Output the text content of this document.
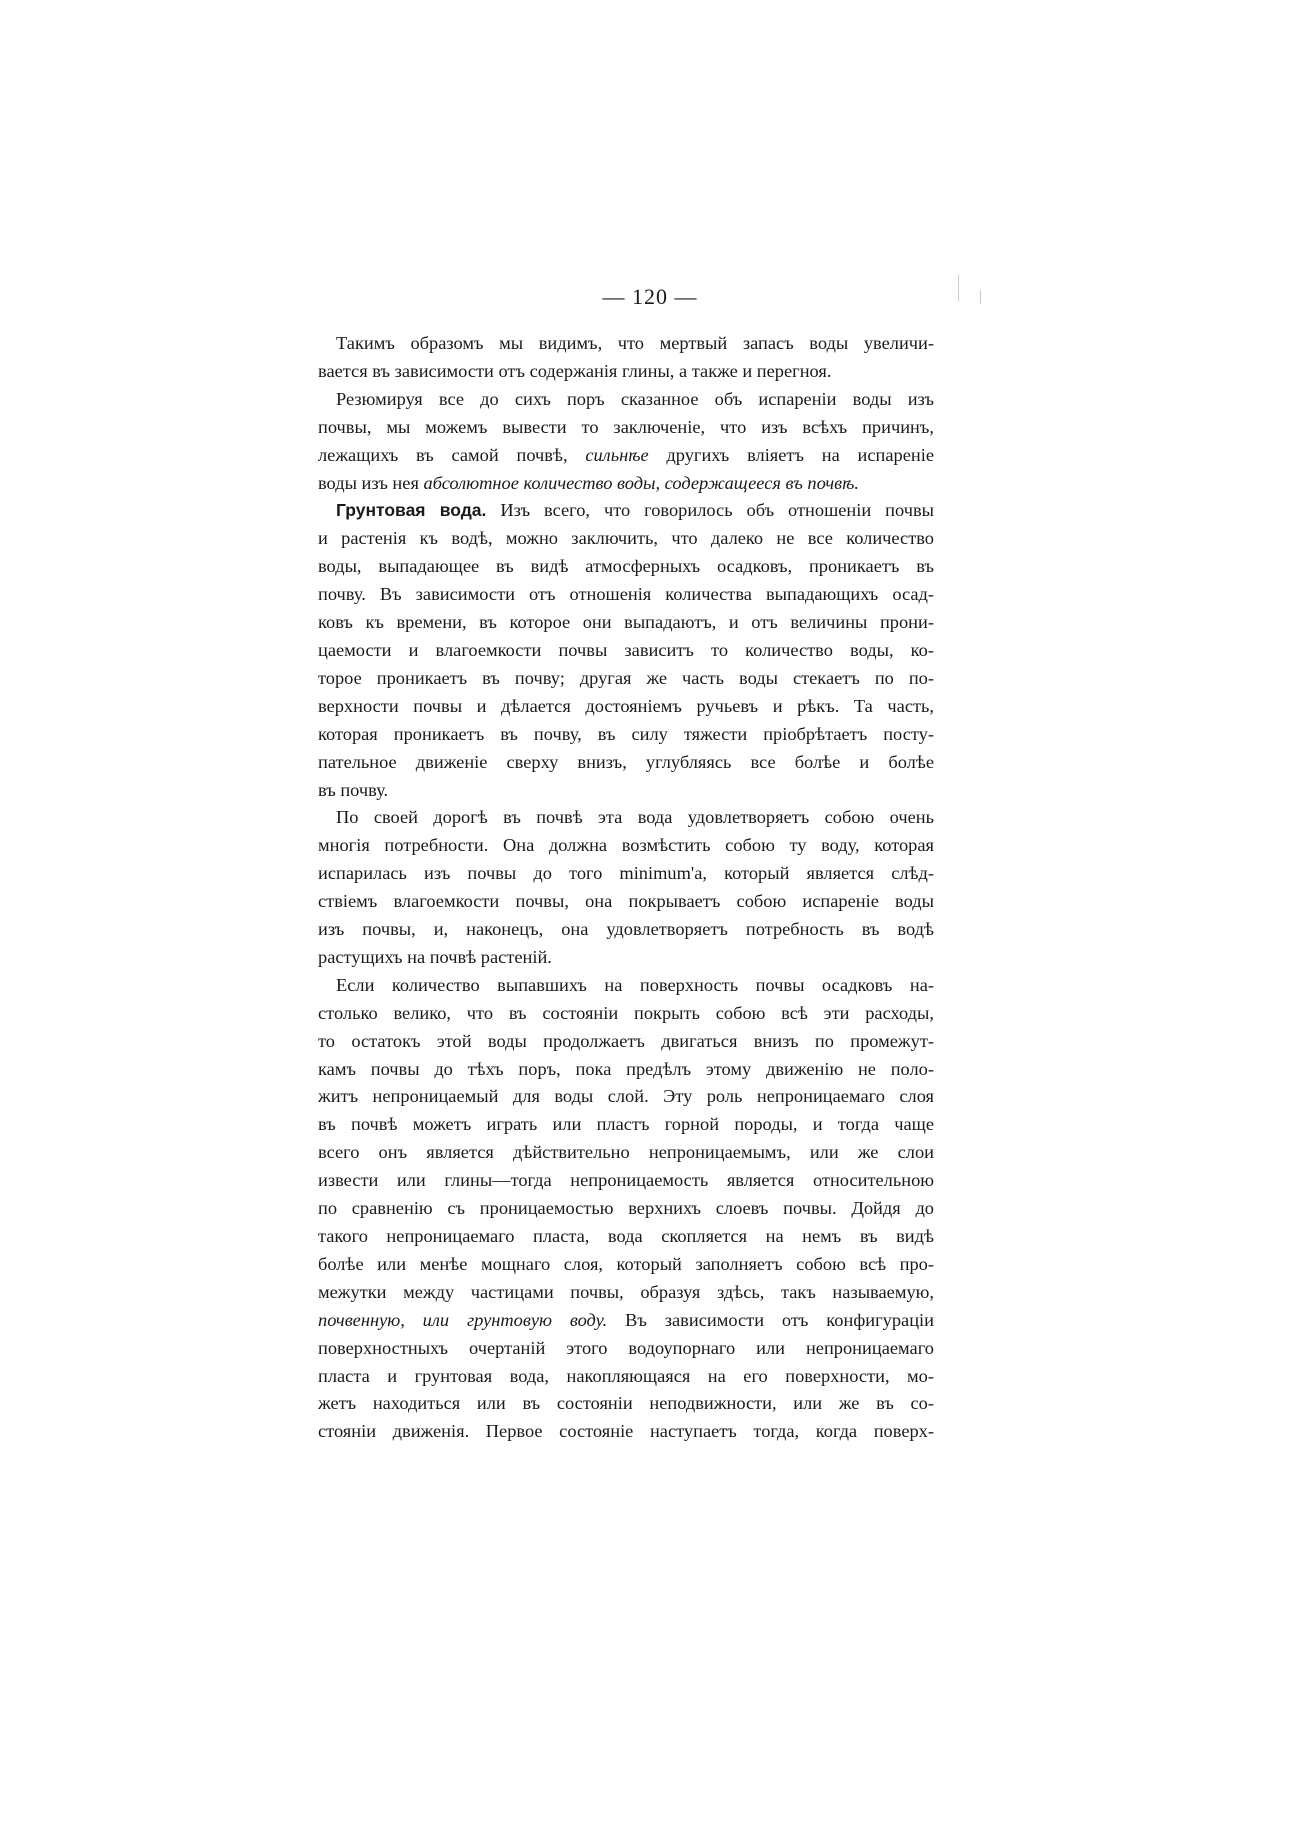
— 120 —
Такимъ образомъ мы видимъ, что мертвый запасъ воды увеличи-
вается въ зависимости отъ содержанія глины, а также и перегноя.
Резюмируя все до сихъ поръ сказанное объ испареніи воды изъ
почвы, мы можемъ вывести то заключеніе, что изъ всѣхъ причинъ,
лежащихъ въ самой почвѣ, сильнѣе другихъ вліяетъ на испареніе
воды изъ нея абсолютное количество воды, содержащееся въ почвѣ.
Грунтовая вода. Изъ всего, что говорилось объ отношеніи почвы
и растенія къ водѣ, можно заключить, что далеко не все количество
воды, выпадающее въ видѣ атмосферныхъ осадковъ, проникаетъ въ
почву. Въ зависимости отъ отношенія количества выпадающихъ осад-
ковъ къ времени, въ которое они выпадаютъ, и отъ величины прони-
цаемости и влагоемкости почвы зависитъ то количество воды, ко-
торое проникаетъ въ почву; другая же часть воды стекаетъ по по-
верхности почвы и дѣлается достояніемъ ручьевъ и рѣкъ. Та часть,
которая проникаетъ въ почву, въ силу тяжести пріобрѣтаетъ посту-
пательное движеніе сверху внизъ, углубляясь все болѣе и болѣе
въ почву.
По своей дорогѣ въ почвѣ эта вода удовлетворяетъ собою очень
многія потребности. Она должна возмѣстить собою ту воду, которая
испарилась изъ почвы до того minimum'а, который является слѣд-
ствіемъ влагоемкости почвы, она покрываетъ собою испареніе воды
изъ почвы, и, наконецъ, она удовлетворяетъ потребность въ водѣ
растущихъ на почвѣ растеній.
Если количество выпавшихъ на поверхность почвы осадковъ на-
столько велико, что въ состояніи покрыть собою всѣ эти расходы,
то остатокъ этой воды продолжаетъ двигаться внизъ по промежут-
камъ почвы до тѣхъ поръ, пока предѣлъ этому движенію не поло-
житъ непроницаемый для воды слой. Эту роль непроницаемаго слоя
въ почвѣ можетъ играть или пластъ горной породы, и тогда чаще
всего онъ является дѣйствительно непроницаемымъ, или же слои
извести или глины—тогда непроницаемость является относительною
по сравненію съ проницаемостью верхнихъ слоевъ почвы. Дойдя до
такого непроницаемаго пласта, вода скопляется на немъ въ видѣ
болѣе или менѣе мощнаго слоя, который заполняетъ собою всѣ про-
межутки между частицами почвы, образуя здѣсь, такъ называемую,
почвенную, или грунтовую воду. Въ зависимости отъ конфигураціи
поверхностныхъ очертаній этого водоупорнаго или непроницаемаго
пласта и грунтовая вода, накопляющаяся на его поверхности, мо-
жетъ находиться или въ состояніи неподвижности, или же въ со-
стояніи движенія. Первое состояніе наступаетъ тогда, когда поверх-
